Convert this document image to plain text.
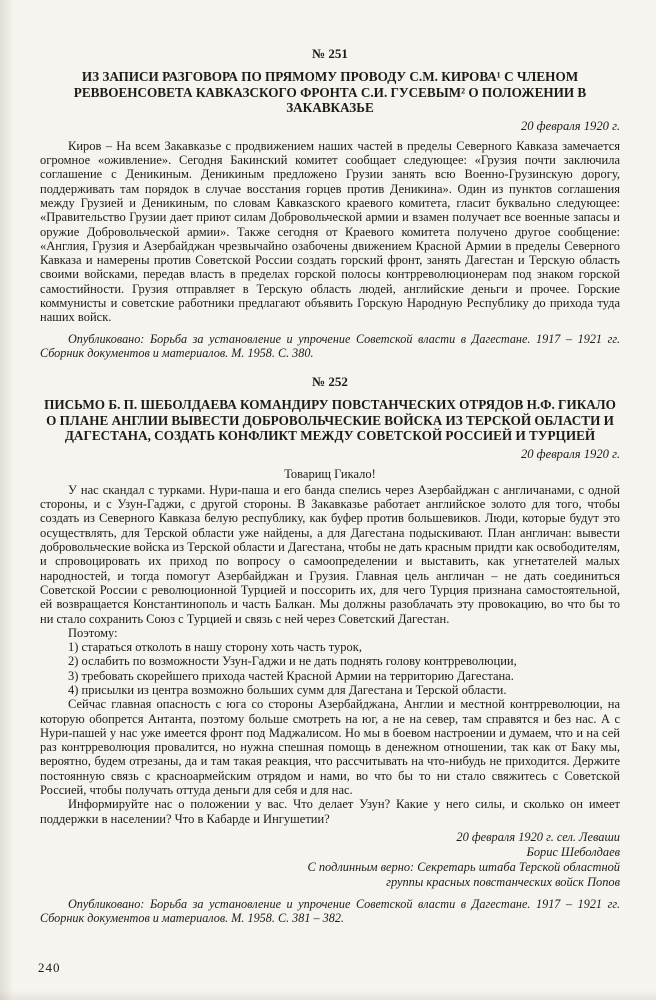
№ 251
ИЗ ЗАПИСИ РАЗГОВОРА ПО ПРЯМОМУ ПРОВОДУ С.М. КИРОВА¹ С ЧЛЕНОМ РЕВВОЕНСОВЕТА КАВКАЗСКОГО ФРОНТА С.И. ГУСЕВЫМ² О ПОЛОЖЕНИИ В ЗАКАВКАЗЬЕ
20 февраля 1920 г.

Киров – На всем Закавказье с продвижением наших частей в пределы Северного Кавказа замечается огромное «оживление». Сегодня Бакинский комитет сообщает следующее: «Грузия почти заключила соглашение с Деникиным. Деникиным предложено Грузии занять всю Военно-Грузинскую дорогу, поддерживать там порядок в случае восстания горцев против Деникина». Один из пунктов соглашения между Грузией и Деникиным, по словам Кавказского краевого комитета, гласит буквально следующее: «Правительство Грузии дает приют силам Добровольческой армии и взамен получает все военные запасы и оружие Добровольческой армии». Также сегодня от Краевого комитета получено другое сообщение: «Англия, Грузия и Азербайджан чрезвычайно озабочены движением Красной Армии в пределы Северного Кавказа и намерены против Советской России создать горский фронт, занять Дагестан и Терскую область своими войсками, передав власть в пределах горской полосы контрреволюционерам под знаком горской самостийности. Грузия отправляет в Терскую область людей, английские деньги и прочее. Горские коммунисты и советские работники предлагают объявить Горскую Народную Республику до прихода туда наших войск.

Опубликовано: Борьба за установление и упрочение Советской власти в Дагестане. 1917 – 1921 гг. Сборник документов и материалов. М. 1958. С. 380.

№ 252
ПИСЬМО Б. П. ШЕБОЛДАЕВА КОМАНДИРУ ПОВСТАНЧЕСКИХ ОТРЯДОВ Н.Ф. ГИКАЛО О ПЛАНЕ АНГЛИИ ВЫВЕСТИ ДОБРОВОЛЬЧЕСКИЕ ВОЙСКА ИЗ ТЕРСКОЙ ОБЛАСТИ И ДАГЕСТАНА, СОЗДАТЬ КОНФЛИКТ МЕЖДУ СОВЕТСКОЙ РОССИЕЙ И ТУРЦИЕЙ
20 февраля 1920 г.
Товарищ Гикало!

У нас скандал с турками. Нури-паша и его банда спелись через Азербайджан с англичанами, с одной стороны, и с Узун-Гаджи, с другой стороны. В Закавказье работает английское золото для того, чтобы создать из Северного Кавказа белую республику, как буфер против большевиков. Люди, которые будут это осуществлять, для Терской области уже найдены, а для Дагестана подыскивают. План англичан: вывести добровольческие войска из Терской области и Дагестана, чтобы не дать красным придти как освободителям, и спровоцировать их приход по вопросу о самоопределении и выставить, как угнетателей малых народностей, и тогда помогут Азербайджан и Грузия. Главная цель англичан – не дать соединиться Советской России с революционной Турцией и поссорить их, для чего Турция признана самостоятельной, ей возвращается Константинополь и часть Балкан. Мы должны разоблачать эту провокацию, во что бы то ни стало сохранить Союз с Турцией и связь с ней через Советский Дагестан.

Поэтому:

1) стараться отколоть в нашу сторону хоть часть турок,

2) ослабить по возможности Узун-Гаджи и не дать поднять голову контрреволюции,

3) требовать скорейшего прихода частей Красной Армии на территорию Дагестана.

4) присылки из центра возможно больших сумм для Дагестана и Терской области.

Сейчас главная опасность с юга со стороны Азербайджана, Англии и местной контрреволюции, на которую обопрется Антанта, поэтому больше смотреть на юг, а не на север, там справятся и без нас. А с Нури-пашей у нас уже имеется фронт под Маджалисом. Но мы в боевом настроении и думаем, что и на сей раз контрреволюция провалится, но нужна спешная помощь в денежном отношении, так как от Баку мы, вероятно, будем отрезаны, да и там такая реакция, что рассчитывать на что-нибудь не приходится. Держите постоянную связь с красноармейским отрядом и нами, во что бы то ни стало свяжитесь с Советской Россией, чтобы получать оттуда деньги для себя и для нас.

Информируйте нас о положении у вас. Что делает Узун? Какие у него силы, и сколько он имеет поддержки в населении? Что в Кабарде и Ингушетии?

20 февраля 1920 г. сел. Леваши

Борис Шеболдаев

С подлинным верно: Секретарь штаба Терской областной группы красных повстанческих войск Попов

Опубликовано: Борьба за установление и упрочение Советской власти в Дагестане. 1917 – 1921 гг. Сборник документов и материалов. М. 1958. С. 381 – 382.

240
